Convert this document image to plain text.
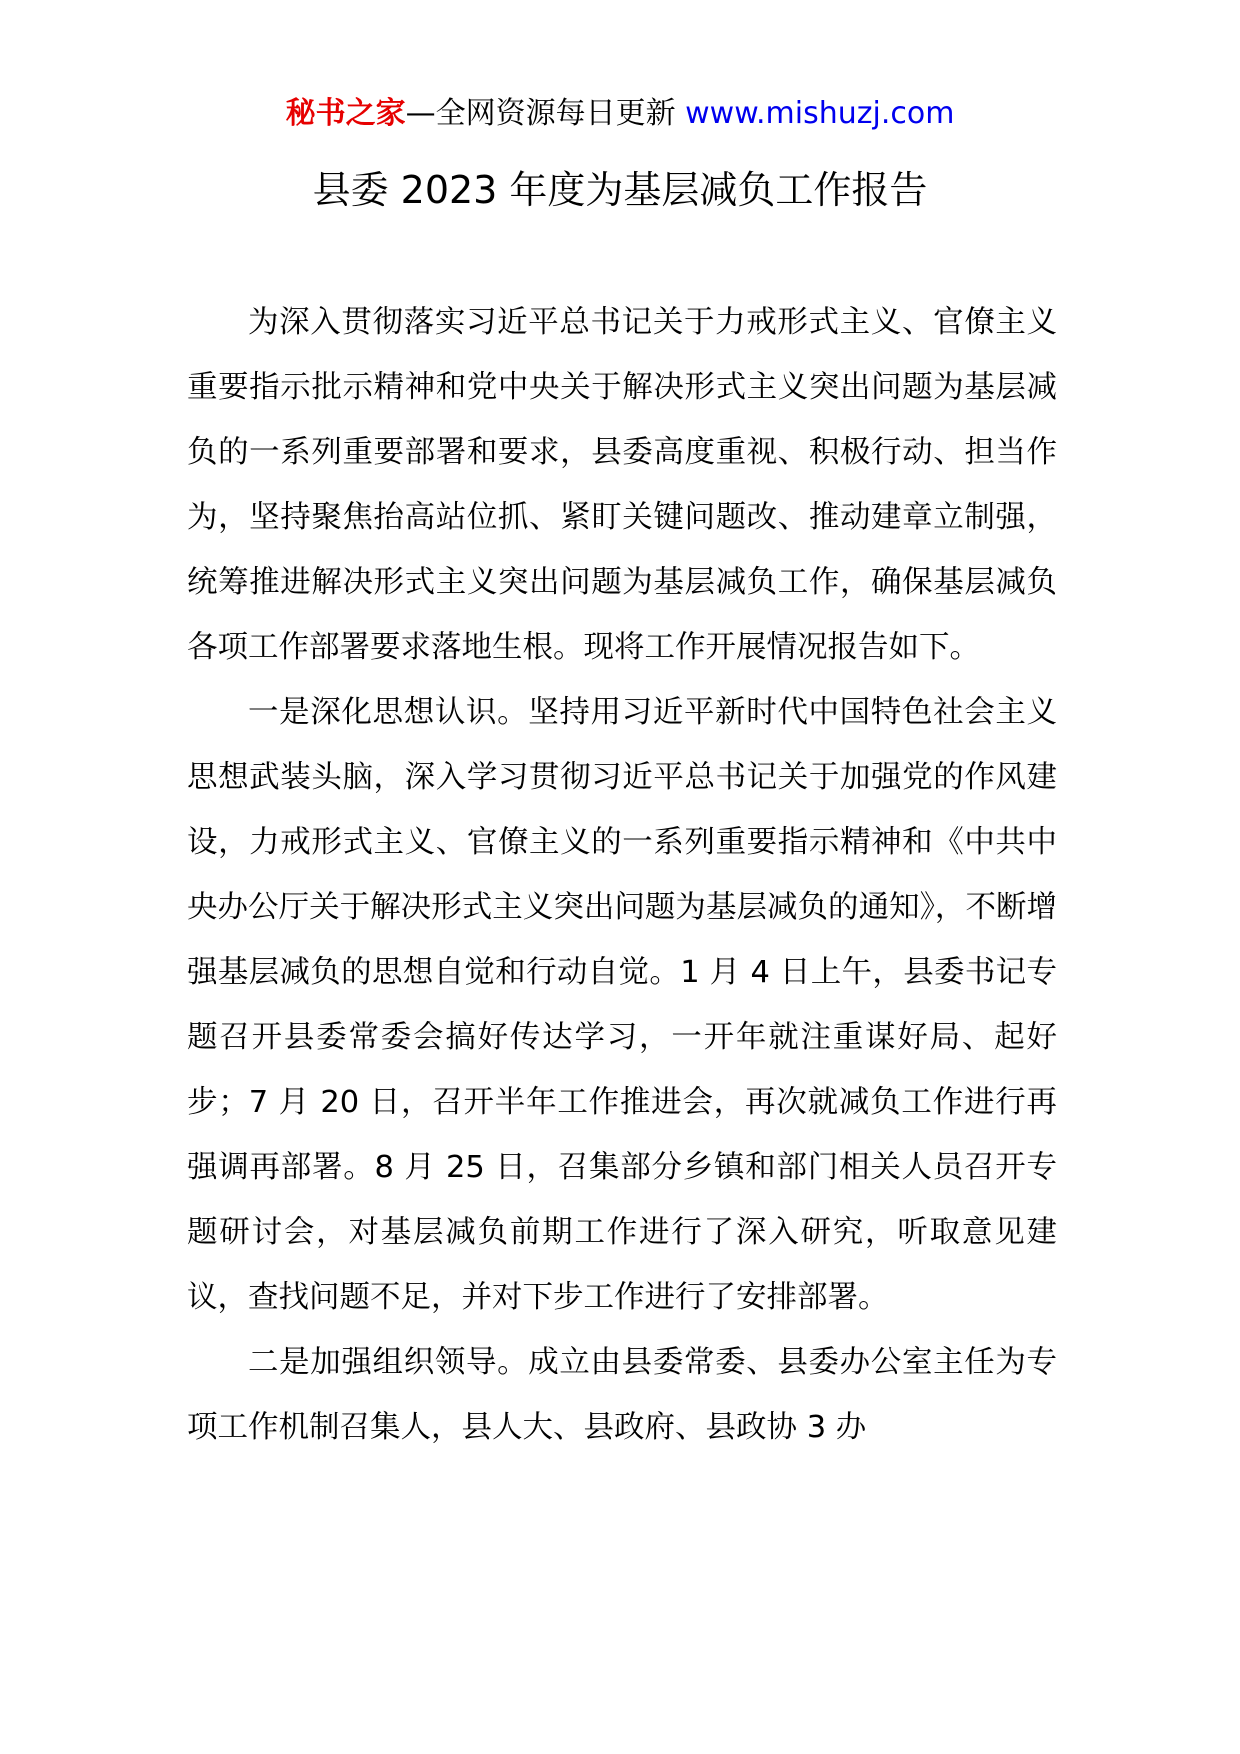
秘书之家—全网资源每日更新 www.mishuzj.com
县委 2023 年度为基层减负工作报告

为深入贯彻落实习近平总书记关于力戒形式主义、官僚主义重要指示批示精神和党中央关于解决形式主义突出问题为基层减负的一系列重要部署和要求，县委高度重视、积极行动、担当作为，坚持聚焦抬高站位抓、紧盯关键问题改、推动建章立制强，统筹推进解决形式主义突出问题为基层减负工作，确保基层减负各项工作部署要求落地生根。现将工作开展情况报告如下。

一是深化思想认识。坚持用习近平新时代中国特色社会主义思想武装头脑，深入学习贯彻习近平总书记关于加强党的作风建设，力戒形式主义、官僚主义的一系列重要指示精神和《中共中央办公厅关于解决形式主义突出问题为基层减负的通知》，不断增强基层减负的思想自觉和行动自觉。1 月 4 日上午，县委书记专题召开县委常委会搞好传达学习，一开年就注重谋好局、起好步；7 月 20 日，召开半年工作推进会，再次就减负工作进行再强调再部署。8 月 25 日，召集部分乡镇和部门相关人员召开专题研讨会，对基层减负前期工作进行了深入研究，听取意见建议，查找问题不足，并对下步工作进行了安排部署。

二是加强组织领导。成立由县委常委、县委办公室主任为专项工作机制召集人，县人大、县政府、县政协 3 办
